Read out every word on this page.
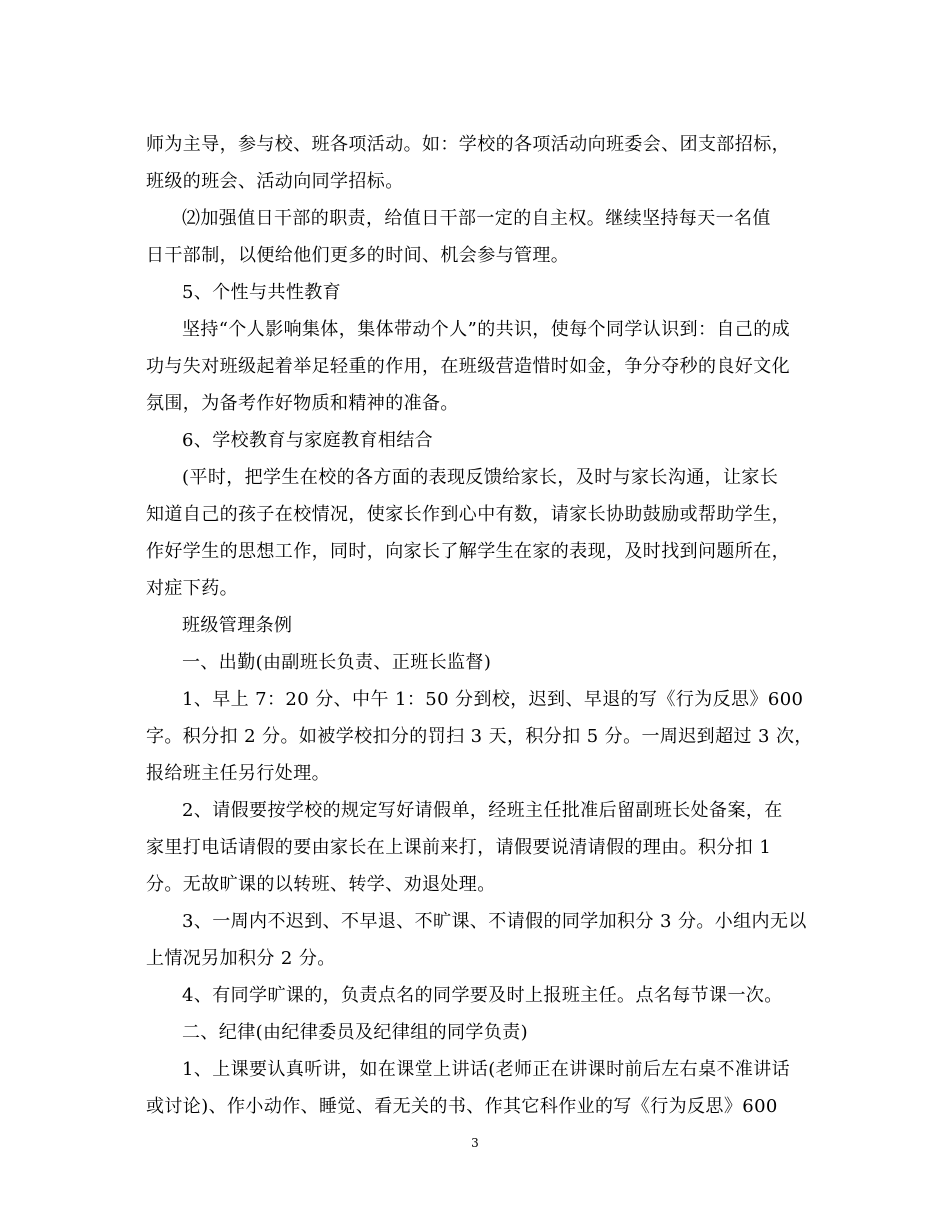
师为主导，参与校、班各项活动。如：学校的各项活动向班委会、团支部招标，
班级的班会、活动向同学招标。
⑵加强值日干部的职责，给值日干部一定的自主权。继续坚持每天一名值
日干部制，以便给他们更多的时间、机会参与管理。
5、个性与共性教育
坚持“个人影响集体，集体带动个人”的共识，使每个同学认识到：自己的成
功与失对班级起着举足轻重的作用，在班级营造惜时如金，争分夺秒的良好文化
氛围，为备考作好物质和精神的准备。
6、学校教育与家庭教育相结合
(平时，把学生在校的各方面的表现反馈给家长，及时与家长沟通，让家长
知道自己的孩子在校情况，使家长作到心中有数，请家长协助鼓励或帮助学生，
作好学生的思想工作，同时，向家长了解学生在家的表现，及时找到问题所在，
对症下药。
班级管理条例
一、出勤(由副班长负责、正班长监督)
1、早上 7：20 分、中午 1：50 分到校，迟到、早退的写《行为反思》600
字。积分扣 2 分。如被学校扣分的罚扫 3 天，积分扣 5 分。一周迟到超过 3 次，
报给班主任另行处理。
2、请假要按学校的规定写好请假单，经班主任批准后留副班长处备案，在
家里打电话请假的要由家长在上课前来打，请假要说清请假的理由。积分扣 1
分。无故旷课的以转班、转学、劝退处理。
3、一周内不迟到、不早退、不旷课、不请假的同学加积分 3 分。小组内无以
上情况另加积分 2 分。
4、有同学旷课的，负责点名的同学要及时上报班主任。点名每节课一次。
二、纪律(由纪律委员及纪律组的同学负责)
1、上课要认真听讲，如在课堂上讲话(老师正在讲课时前后左右桌不准讲话
或讨论)、作小动作、睡觉、看无关的书、作其它科作业的写《行为反思》600
3
